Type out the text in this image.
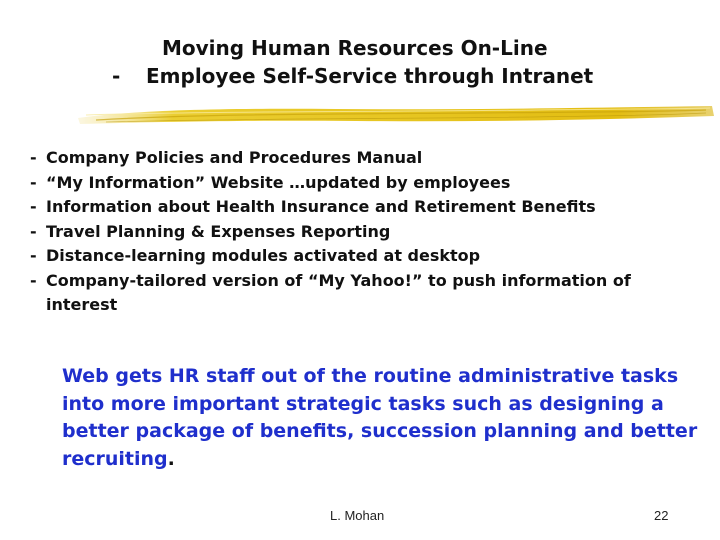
Moving Human Resources On-Line
- Employee Self-Service through Intranet
- Company Policies and Procedures Manual
- “My Information” Website …updated by employees
- Information about Health Insurance and Retirement Benefits
- Travel Planning & Expenses Reporting
- Distance-learning modules activated at desktop
- Company-tailored version of “My Yahoo!” to push information of
interest
Web gets HR staff out of the routine administrative tasks into more important strategic tasks such as designing a better package of benefits, succession planning and better recruiting.
L. Mohan	22
